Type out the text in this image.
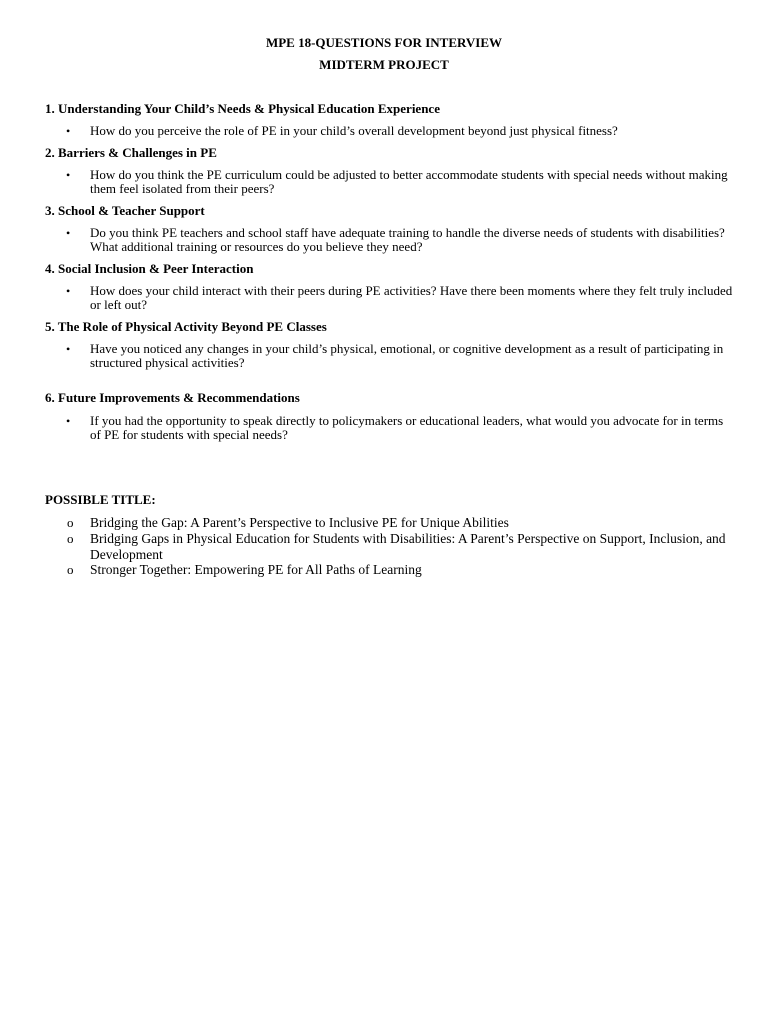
MPE 18-QUESTIONS FOR INTERVIEW
MIDTERM PROJECT
1. Understanding Your Child’s Needs & Physical Education Experience
• How do you perceive the role of PE in your child’s overall development beyond just physical fitness?
2. Barriers & Challenges in PE
• How do you think the PE curriculum could be adjusted to better accommodate students with special needs without making them feel isolated from their peers?
3. School & Teacher Support
• Do you think PE teachers and school staff have adequate training to handle the diverse needs of students with disabilities? What additional training or resources do you believe they need?
4. Social Inclusion & Peer Interaction
• How does your child interact with their peers during PE activities? Have there been moments where they felt truly included or left out?
5. The Role of Physical Activity Beyond PE Classes
• Have you noticed any changes in your child’s physical, emotional, or cognitive development as a result of participating in structured physical activities?
6. Future Improvements & Recommendations
• If you had the opportunity to speak directly to policymakers or educational leaders, what would you advocate for in terms of PE for students with special needs?
POSSIBLE TITLE:
o Bridging the Gap: A Parent’s Perspective to Inclusive PE for Unique Abilities
o Bridging Gaps in Physical Education for Students with Disabilities: A Parent’s Perspective on Support, Inclusion, and Development
o Stronger Together: Empowering PE for All Paths of Learning
